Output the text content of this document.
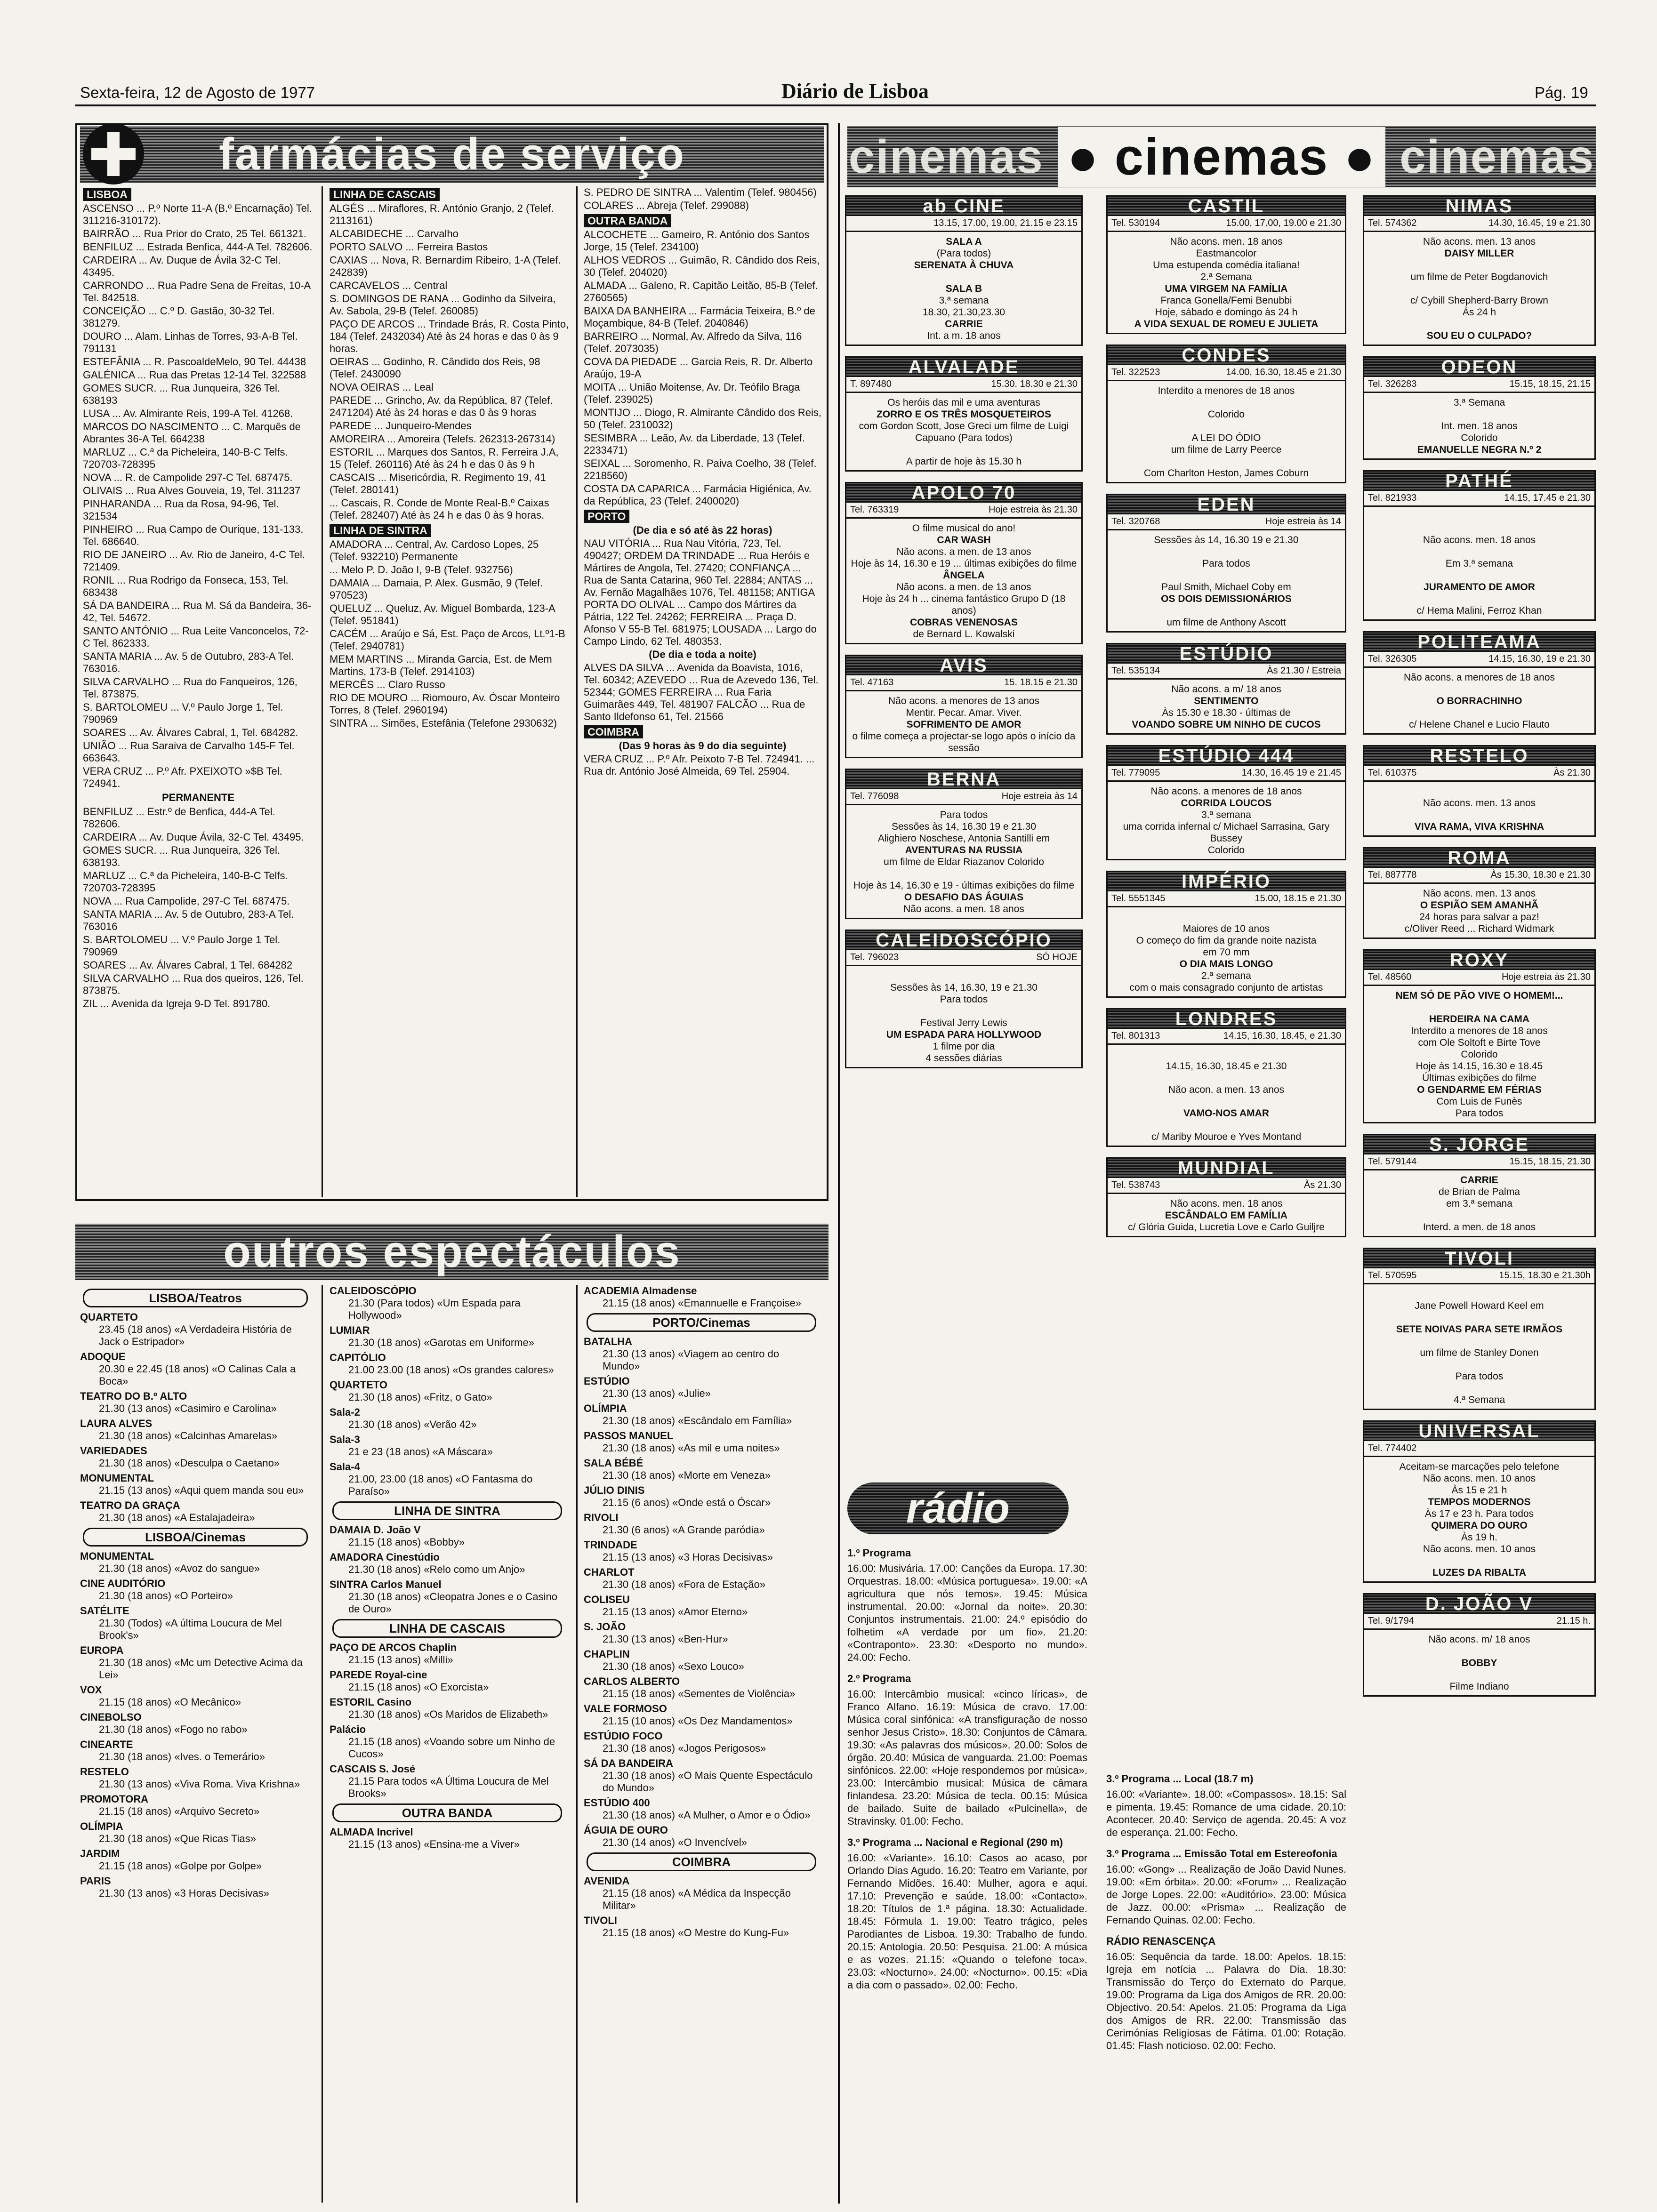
Sexta-feira, 12 de Agosto de 1977	Diário de Lisboa	Pág. 19
farmácias de serviço
LISBOA

ASCENSO ... P.º Norte 11-A (B.º Encarnação) Tel. 311216-310172).

BAIRRÃO ... Rua Prior do Crato, 25 Tel. 661321.

BENFILUZ ... Estrada Benfica, 444-A Tel. 782606.

CARDEIRA ... Av. Duque de Ávila 32-C Tel. 43495.

CARRONDO ... Rua Padre Sena de Freitas, 10-A Tel. 842518.

CONCEIÇÃO ... C.º D. Gastão, 30-32 Tel. 381279.

DOURO ... Alam. Linhas de Torres, 93-A-B Tel. 791131

ESTEFÂNIA ... R. PascoaldeMelo, 90 Tel. 44438

GALÉNICA ... Rua das Pretas 12-14 Tel. 322588

GOMES SUCR. ... Rua Junqueira, 326 Tel. 638193

LUSA ... Av. Almirante Reis, 199-A Tel. 41268.

MARCOS DO NASCIMENTO ... C. Marquês de Abrantes 36-A Tel. 664238

MARLUZ ... C.ª da Picheleira, 140-B-C Telfs. 720703-728395

NOVA ... R. de Campolide 297-C Tel. 687475.

OLIVAIS ... Rua Alves Gouveia, 19, Tel. 311237

PINHARANDA ... Rua da Rosa, 94-96, Tel. 321534

PINHEIRO ... Rua Campo de Ourique, 131-133, Tel. 686640.

RIO DE JANEIRO ... Av. Rio de Janeiro, 4-C Tel. 721409.

RONIL ... Rua Rodrigo da Fonseca, 153, Tel. 683438

SÁ DA BANDEIRA ... Rua M. Sá da Bandeira, 36-42, Tel. 54672.

SANTO ANTÓNIO ... Rua Leite Vanconcelos, 72-C Tel. 862333.

SANTA MARIA ... Av. 5 de Outubro, 283-A Tel. 763016.

SILVA CARVALHO ... Rua do Fanqueiros, 126, Tel. 873875.

S. BARTOLOMEU ... V.º Paulo Jorge 1, Tel. 790969

SOARES ... Av. Álvares Cabral, 1, Tel. 684282.

UNIÃO ... Rua Saraiva de Carvalho 145-F Tel. 663643.

VERA CRUZ ... P.º Afr. PXEIXOTO »$B Tel. 724941.

PERMANENTE

BENFILUZ ... Estr.º de Benfica, 444-A Tel. 782606.

CARDEIRA ... Av. Duque Ávila, 32-C Tel. 43495.

GOMES SUCR. ... Rua Junqueira, 326 Tel. 638193.

MARLUZ ... C.ª da Picheleira, 140-B-C Telfs. 720703-728395

NOVA ... Rua Campolide, 297-C Tel. 687475.

SANTA MARIA ... Av. 5 de Outubro, 283-A Tel. 763016

S. BARTOLOMEU ... V.º Paulo Jorge 1 Tel. 790969

SOARES ... Av. Álvares Cabral, 1 Tel. 684282

SILVA CARVALHO ... Rua dos queiros, 126, Tel. 873875.

ZIL ... Avenida da Igreja 9-D Tel. 891780.

LINHA DE CASCAIS

ALGÉS ... Miraflores, R. António Granjo, 2 (Telef. 2113161)

ALCABIDECHE ... Carvalho

PORTO SALVO ... Ferreira Bastos

CAXIAS ... Nova, R. Bernardim Ribeiro, 1-A (Telef. 242839)

CARCAVELOS ... Central

S. DOMINGOS DE RANA ... Godinho da Silveira, Av. Sabola, 29-B (Telef. 260085)

PAÇO DE ARCOS ... Trindade Brás, R. Costa Pinto, 184 (Telef. 2432034) Até às 24 horas e das 0 às 9 horas.

OEIRAS ... Godinho, R. Cândido dos Reis, 98 (Telef. 2430090

NOVA OEIRAS ... Leal

PAREDE ... Grincho, Av. da República, 87 (Telef. 2471204) Até às 24 horas e das 0 às 9 horas

PAREDE ... Junqueiro-Mendes

AMOREIRA ... Amoreira (Telefs. 262313-267314)

ESTORIL ... Marques dos Santos, R. Ferreira J.A, 15 (Telef. 260116) Até às 24 h e das 0 às 9 h

CASCAIS ... Misericórdia, R. Regimento 19, 41 (Telef. 280141)

... Cascais, R. Conde de Monte Real-B.º Caixas (Telef. 282407) Até às 24 h e das 0 às 9 horas.

LINHA DE SINTRA

AMADORA ... Central, Av. Cardoso Lopes, 25 (Telef. 932210) Permanente

... Melo P. D. João I, 9-B (Telef. 932756)

DAMAIA ... Damaia, P. Alex. Gusmão, 9 (Telef. 970523)

QUELUZ ... Queluz, Av. Miguel Bombarda, 123-A (Telef. 951841)

CACÉM ... Araújo e Sá, Est. Paço de Arcos, Lt.º1-B (Telef. 2940781)

MEM MARTINS ... Miranda Garcia, Est. de Mem Martins, 173-B (Telef. 2914103)

MERCÊS ... Claro Russo

RIO DE MOURO ... Riomouro, Av. Óscar Monteiro Torres, 8 (Telef. 2960194)

SINTRA ... Simões, Estefânia (Telefone 2930632)

S. PEDRO DE SINTRA ... Valentim (Telef. 980456)

COLARES ... Abreja (Telef. 299088)

OUTRA BANDA

ALCOCHETE ... Gameiro, R. António dos Santos Jorge, 15 (Telef. 234100)

ALHOS VEDROS ... Guimão, R. Cândido dos Reis, 30 (Telef. 204020)

ALMADA ... Galeno, R. Capitão Leitão, 85-B (Telef. 2760565)

BAIXA DA BANHEIRA ... Farmácia Teixeira, B.º de Moçambique, 84-B (Telef. 2040846)

BARREIRO ... Normal, Av. Alfredo da Silva, 116 (Telef. 2073035)

COVA DA PIEDADE ... Garcia Reis, R. Dr. Alberto Araújo, 19-A

MOITA ... União Moitense, Av. Dr. Teófilo Braga (Telef. 239025)

MONTIJO ... Diogo, R. Almirante Cândido dos Reis, 50 (Telef. 2310032)

SESIMBRA ... Leão, Av. da Liberdade, 13 (Telef. 2233471)

SEIXAL ... Soromenho, R. Paiva Coelho, 38 (Telef. 2218560)

COSTA DA CAPARICA ... Farmácia Higiénica, Av. da República, 23 (Telef. 2400020)

PORTO

(De dia e só até às 22 horas)

NAU VITÓRIA ... Rua Nau Vitória, 723, Tel. 490427; ORDEM DA TRINDADE ... Rua Heróis e Mártires de Angola, Tel. 27420; CONFIANÇA ... Rua de Santa Catarina, 960 Tel. 22884; ANTAS ... Av. Fernão Magalhães 1076, Tel. 481158; ANTIGA PORTA DO OLIVAL ... Campo dos Mártires da Pátria, 122 Tel. 24262; FERREIRA ... Praça D. Afonso V 55-B Tel. 681975; LOUSADA ... Largo do Campo Lindo, 62 Tel. 480353.

(De dia e toda a noite)

ALVES DA SILVA ... Avenida da Boavista, 1016, Tel. 60342; AZEVEDO ... Rua de Azevedo 136, Tel. 52344; GOMES FERREIRA ... Rua Faria Guimarães 449, Tel. 481907 FALCÃO ... Rua de Santo Ildefonso 61, Tel. 21566

COIMBRA

(Das 9 horas às 9 do dia seguinte)

VERA CRUZ ... P.º Afr. Peixoto 7-B Tel. 724941. ... Rua dr. António José Almeida, 69 Tel. 25904.

outros espectáculos
LISBOA/Teatros
QUARTETO
23.45 (18 anos) «A Verdadeira História de Jack o Estripador»
ADOQUE
20.30 e 22.45 (18 anos) «O Calinas Cala a Boca»
TEATRO DO B.º ALTO
21.30 (13 anos) «Casimiro e Carolina»
LAURA ALVES
21.30 (18 anos) «Calcinhas Amarelas»
VARIEDADES
21.30 (18 anos) «Desculpa o Caetano»
MONUMENTAL
21.15 (13 anos) «Aqui quem manda sou eu»
TEATRO DA GRAÇA
21.30 (18 anos) «A Estalajadeira»
LISBOA/Cinemas
MONUMENTAL
21.30 (18 anos) «Avoz do sangue»
CINE AUDITÓRIO
21.30 (18 anos) «O Porteiro»
SATÉLITE
21.30 (Todos) «A última Loucura de Mel Brook's»
EUROPA
21.30 (18 anos) «Mc um Detective Acima da Lei»
VOX
21.15 (18 anos) «O Mecânico»
CINEBOLSO
21.30 (18 anos) «Fogo no rabo»
CINEARTE
21.30 (18 anos) «Ives. o Temerário»
RESTELO
21.30 (13 anos) «Viva Roma. Viva Krishna»
PROMOTORA
21.15 (18 anos) «Arquivo Secreto»
OLÍMPIA
21.30 (18 anos) «Que Ricas Tias»
JARDIM
21.15 (18 anos) «Golpe por Golpe»
PARIS
21.30 (13 anos) «3 Horas Decisivas»
CALEIDOSCÓPIO
21.30 (Para todos) «Um Espada para Hollywood»
LUMIAR
21.30 (18 anos) «Garotas em Uniforme»
CAPITÓLIO
21.00 23.00 (18 anos) «Os grandes calores»
QUARTETO
21.30 (18 anos) «Fritz, o Gato»
Sala-2
21.30 (18 anos) «Verão 42»
Sala-3
21 e 23 (18 anos) «A Máscara»
Sala-4
21.00, 23.00 (18 anos) «O Fantasma do Paraíso»
LINHA DE SINTRA
DAMAIA D. João V
21.15 (18 anos) «Bobby»
AMADORA Cinestúdio
21.30 (18 anos) «Relo como um Anjo»
SINTRA Carlos Manuel
21.30 (18 anos) «Cleopatra Jones e o Casino de Ouro»
LINHA DE CASCAIS
PAÇO DE ARCOS Chaplin
21.15 (13 anos) «Milli»
PAREDE Royal-cine
21.15 (18 anos) «O Exorcista»
ESTORIL Casino
21.30 (18 anos) «Os Maridos de Elizabeth»
Palácio
21.15 (18 anos) «Voando sobre um Ninho de Cucos»
CASCAIS S. José
21.15 Para todos «A Última Loucura de Mel Brooks»
OUTRA BANDA
ALMADA Incrivel
21.15 (13 anos) «Ensina-me a Viver»
ACADEMIA Almadense
21.15 (18 anos) «Emannuelle e Françoise»
PORTO/Cinemas
BATALHA
21.30 (13 anos) «Viagem ao centro do Mundo»
ESTÚDIO
21.30 (13 anos) «Julie»
OLÍMPIA
21.30 (18 anos) «Escândalo em Família»
PASSOS MANUEL
21.30 (18 anos) «As mil e uma noites»
SALA BÉBÉ
21.30 (18 anos) «Morte em Veneza»
JÚLIO DINIS
21.15 (6 anos) «Onde está o Óscar»
RIVOLI
21.30 (6 anos) «A Grande paródia»
TRINDADE
21.15 (13 anos) «3 Horas Decisivas»
CHARLOT
21.30 (18 anos) «Fora de Estação»
COLISEU
21.15 (13 anos) «Amor Eterno»
S. JOÃO
21.30 (13 anos) «Ben-Hur»
CHAPLIN
21.30 (18 anos) «Sexo Louco»
CARLOS ALBERTO
21.15 (18 anos) «Sementes de Violência»
VALE FORMOSO
21.15 (10 anos) «Os Dez Mandamentos»
ESTÚDIO FOCO
21.30 (18 anos) «Jogos Perigosos»
SÁ DA BANDEIRA
21.30 (18 anos) «O Mais Quente Espectáculo do Mundo»
ESTÚDIO 400
21.30 (18 anos) «A Mulher, o Amor e o Ódio»
ÁGUIA DE OURO
21.30 (14 anos) «O Invencível»
COIMBRA
AVENIDA
21.15 (18 anos) «A Médica da Inspecção Militar»
TIVOLI
21.15 (18 anos) «O Mestre do Kung-Fu»
cinemas ● cinemas ● cinemas
ab CINE
13.15, 17.00, 19.00, 21.15 e 23.15
SALA A
(Para todos)
SERENATA À CHUVA
SALA B
3.ª semana
18.30, 21.30,23.30
CARRIE
Int. a m. 18 anos
ALVALADE
T. 897480	15.30. 18.30 e 21.30
Os heróis das mil e uma aventuras
ZORRO E OS TRÊS MOSQUETEIROS
com Gordon Scott, Jose Greci um filme de Luigi Capuano (Para todos)
A partir de hoje às 15.30 h
APOLO 70
Tel. 763319	Hoje estreia às 21.30
O filme musical do ano!
CAR WASH
Não acons. a men. de 13 anos
Hoje às 14, 16.30 e 19 ... últimas exibições do filme
ÂNGELA
Não acons. a men. de 13 anos
Hoje às 24 h ... cinema fantástico Grupo D (18 anos)
COBRAS VENENOSAS
de Bernard L. Kowalski
AVIS
Tel. 47163	15. 18.15 e 21.30
Não acons. a menores de 13 anos
Mentir. Pecar. Amar. Viver.
SOFRIMENTO DE AMOR
o filme começa a projectar-se logo após o início da sessão
BERNA
Tel. 776098	Hoje estreia às 14
Para todos
Sessões às 14, 16.30 19 e 21.30
Alighiero Noschese, Antonia Santilli em
AVENTURAS NA RUSSIA
um filme de Eldar Riazanov Colorido
Hoje às 14, 16.30 e 19 - últimas exibições do filme
O DESAFIO DAS ÁGUIAS
Não acons. a men. 18 anos
CALEIDOSCÓPIO
Tel. 796023	SÓ HOJE
Sessões às 14, 16.30, 19 e 21.30
Para todos
Festival Jerry Lewis
UM ESPADA PARA HOLLYWOOD
1 filme por dia
4 sessões diárias
CASTIL
Tel. 530194	15.00, 17.00, 19.00 e 21.30
Não acons. men. 18 anos
Eastmancolor
Uma estupenda comédia italiana!
2.ª Semana
UMA VIRGEM NA FAMÍLIA
Franca Gonella/Femi Benubbi
Hoje, sábado e domingo às 24 h
A VIDA SEXUAL DE ROMEU E JULIETA
CONDES
Tel. 322523	14.00, 16.30, 18.45 e 21.30
Interdito a menores de 18 anos
Colorido
A LEI DO ÓDIO
um filme de Larry Peerce
Com Charlton Heston, James Coburn
EDEN
Tel. 320768	Hoje estreia às 14
Sessões às 14, 16.30 19 e 21.30
Para todos
Paul Smith, Michael Coby em
OS DOIS DEMISSIONÁRIOS
um filme de Anthony Ascott
ESTÚDIO
Tel. 535134	Às 21.30 / Estreia
Não acons. a m/ 18 anos
SENTIMENTO
Às 15.30 e 18.30 - últimas de
VOANDO SOBRE UM NINHO DE CUCOS
ESTÚDIO 444
Tel. 779095	14.30, 16.45 19 e 21.45
Não acons. a menores de 18 anos
CORRIDA LOUCOS
3.ª semana
uma corrida infernal c/ Michael Sarrasina, Gary Bussey
Colorido
IMPÉRIO
Tel. 5551345	15.00, 18.15 e 21.30
Maiores de 10 anos
O começo do fim da grande noite nazista
em 70 mm
O DIA MAIS LONGO
2.ª semana
com o mais consagrado conjunto de artistas
LONDRES
Tel. 801313	14.15, 16.30, 18.45, e 21.30
14.15, 16.30, 18.45 e 21.30
Não acon. a men. 13 anos
VAMO-NOS AMAR
c/ Mariby Mouroe e Yves Montand
MUNDIAL
Tel. 538743	Às 21.30
Não acons. men. 18 anos
ESCÂNDALO EM FAMÍLIA
c/ Glória Guida, Lucretia Love e Carlo Guiljre
NIMAS
Tel. 574362	14.30, 16.45, 19 e 21.30
Não acons. men. 13 anos
DAISY MILLER
um filme de Peter Bogdanovich
c/ Cybill Shepherd-Barry Brown
Às 24 h
SOU EU O CULPADO?
ODEON
Tel. 326283	15.15, 18.15, 21.15
3.ª Semana
Int. men. 18 anos
Colorido
EMANUELLE NEGRA N.º 2
PATHÉ
Tel. 821933	14.15, 17.45 e 21.30
Não acons. men. 18 anos
Em 3.ª semana
JURAMENTO DE AMOR
c/ Hema Malini, Ferroz Khan
POLITEAMA
Tel. 326305	14.15, 16.30, 19 e 21.30
Não acons. a menores de 18 anos
O BORRACHINHO
c/ Helene Chanel e Lucio Flauto
RESTELO
Tel. 610375	Às 21.30
Não acons. men. 13 anos
VIVA RAMA, VIVA KRISHNA
ROMA
Tel. 887778	Às 15.30, 18.30 e 21.30
Não acons. men. 13 anos
O ESPIÃO SEM AMANHÃ
24 horas para salvar a paz!
c/Oliver Reed ... Richard Widmark
ROXY
Tel. 48560	Hoje estreia às 21.30
NEM SÓ DE PÃO VIVE O HOMEM!...
HERDEIRA NA CAMA
Interdito a menores de 18 anos
com Ole Soltoft e Birte Tove
Colorido
Hoje às 14.15, 16.30 e 18.45
Últimas exibições do filme
O GENDARME EM FÉRIAS
Com Luis de Funès
Para todos
S. JORGE
Tel. 579144	15.15, 18.15, 21.30
CARRIE
de Brian de Palma
em 3.ª semana
Interd. a men. de 18 anos
TIVOLI
Tel. 570595	15.15, 18.30 e 21.30h
Jane Powell Howard Keel em
SETE NOIVAS PARA SETE IRMÃOS
um filme de Stanley Donen
Para todos
4.ª Semana
UNIVERSAL
Tel. 774402
Aceitam-se marcações pelo telefone
Não acons. men. 10 anos
Às 15 e 21 h
TEMPOS MODERNOS
Às 17 e 23 h. Para todos
QUIMERA DO OURO
Às 19 h.
Não acons. men. 10 anos
LUZES DA RIBALTA
D. JOÃO V
Tel. 9/1794	21.15 h.
Não acons. m/ 18 anos
BOBBY
Filme Indiano
rádio

1.º Programa

16.00: Musivária. 17.00: Canções da Europa. 17.30: Orquestras. 18.00: «Música portuguesa». 19.00: «A agricultura que nós temos». 19.45: Música instrumental. 20.00: «Jornal da noite». 20.30: Conjuntos instrumentais. 21.00: 24.º episódio do folhetim «A verdade por um fio». 21.20: «Contraponto». 23.30: «Desporto no mundo». 24.00: Fecho.

2.º Programa

16.00: Intercâmbio musical: «cinco líricas», de Franco Alfano. 16.19: Música de cravo. 17.00: Música coral sinfónica: «A transfiguração de nosso senhor Jesus Cristo». 18.30: Conjuntos de Câmara. 19.30: «As palavras dos músicos». 20.00: Solos de órgão. 20.40: Música de vanguarda. 21.00: Poemas sinfónicos. 22.00: «Hoje respondemos por música». 23.00: Intercâmbio musical: Música de câmara finlandesa. 23.20: Música de tecla. 00.15: Música de bailado. Suite de bailado «Pulcinella», de Stravinsky. 01.00: Fecho.

3.º Programa ... Nacional e Regional (290 m)

16.00: «Variante». 16.10: Casos ao acaso, por Orlando Dias Agudo. 16.20: Teatro em Variante, por Fernando Midões. 16.40: Mulher, agora e aqui. 17.10: Prevenção e saúde. 18.00: «Contacto». 18.20: Títulos de 1.ª página. 18.30: Actualidade. 18.45: Fórmula 1. 19.00: Teatro trágico, peles Parodiantes de Lisboa. 19.30: Trabalho de fundo. 20.15: Antologia. 20.50: Pesquisa. 21.00: A música e as vozes. 21.15: «Quando o telefone toca». 23.03: «Nocturno». 24.00: «Nocturno». 00.15: «Dia a dia com o passado». 02.00: Fecho.

3.º Programa ... Local (18.7 m)

16.00: «Variante». 18.00: «Compassos». 18.15: Sal e pimenta. 19.45: Romance de uma cidade. 20.10: Acontecer. 20.40: Serviço de agenda. 20.45: A voz de esperança. 21.00: Fecho.

3.º Programa ... Emissão Total em Estereofonia

16.00: «Gong» ... Realização de João David Nunes. 19.00: «Em órbita». 20.00: «Forum» ... Realização de Jorge Lopes. 22.00: «Auditório». 23.00: Música de Jazz. 00.00: «Prisma» ... Realização de Fernando Quinas. 02.00: Fecho.

RÁDIO RENASCENÇA

16.05: Sequência da tarde. 18.00: Apelos. 18.15: Igreja em notícia ... Palavra do Dia. 18.30: Transmissão do Terço do Externato do Parque. 19.00: Programa da Liga dos Amigos de RR. 20.00: Objectivo. 20.54: Apelos. 21.05: Programa da Liga dos Amigos de RR. 22.00: Transmissão das Cerimónias Religiosas de Fátima. 01.00: Rotação. 01.45: Flash noticioso. 02.00: Fecho.
